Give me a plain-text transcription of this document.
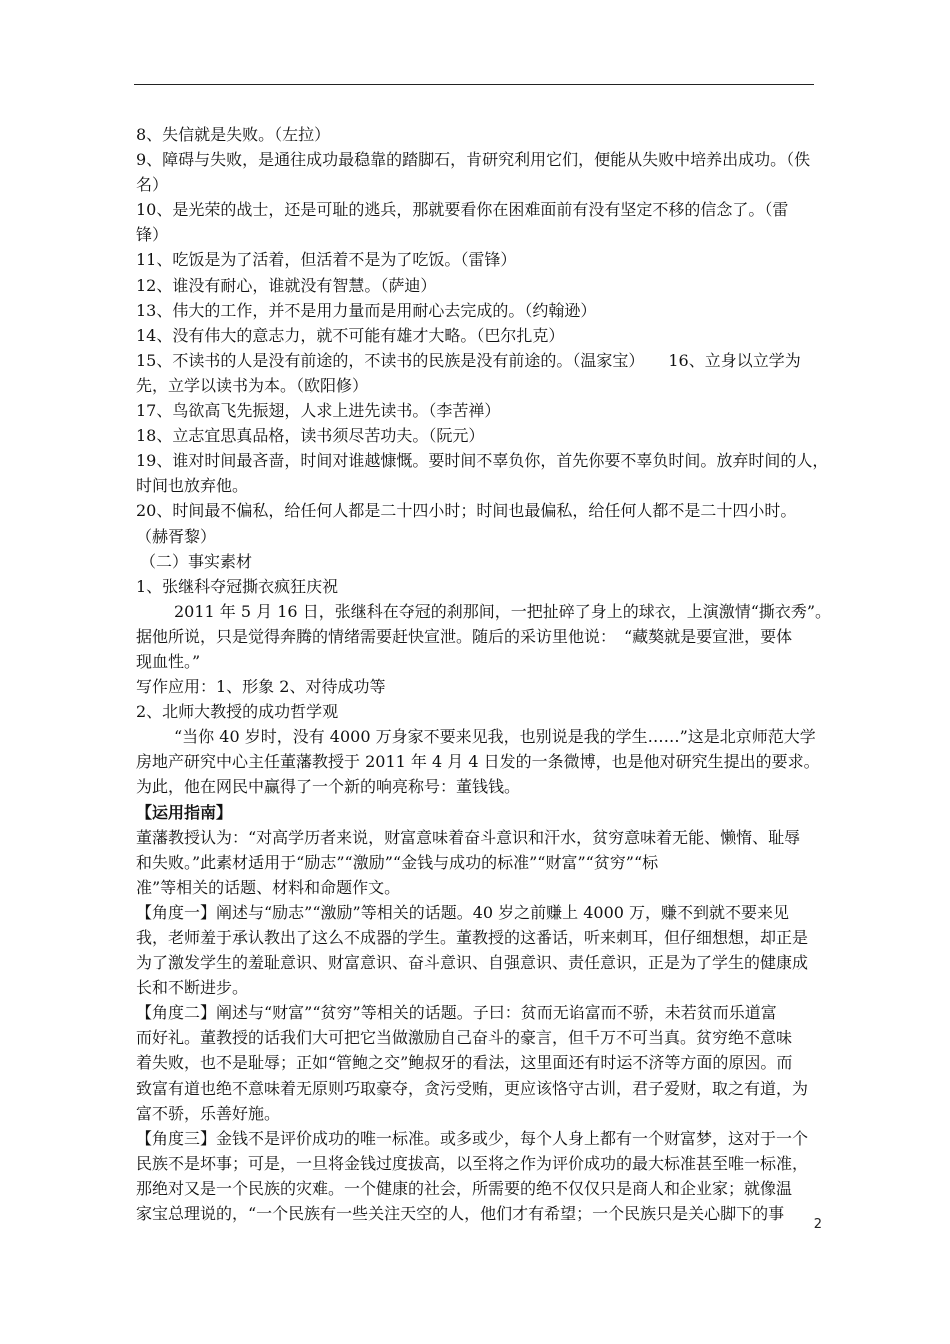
8、失信就是失败。（左拉）
9、障碍与失败，是通往成功最稳靠的踏脚石，肯研究利用它们，便能从失败中培养出成功。（佚
名）
10、是光荣的战士，还是可耻的逃兵，那就要看你在困难面前有没有坚定不移的信念了。（雷
锋）
11、吃饭是为了活着，但活着不是为了吃饭。（雷锋）
12、谁没有耐心，谁就没有智慧。（萨迪）
13、伟大的工作，并不是用力量而是用耐心去完成的。（约翰逊）
14、没有伟大的意志力，就不可能有雄才大略。（巴尔扎克）
15、不读书的人是没有前途的，不读书的民族是没有前途的。（温家宝）　　16、立身以立学为
先，立学以读书为本。（欧阳修）
17、鸟欲高飞先振翅，人求上进先读书。（李苦禅）
18、立志宜思真品格，读书须尽苦功夫。（阮元）
19、谁对时间最吝啬，时间对谁越慷慨。要时间不辜负你，首先你要不辜负时间。放弃时间的人，
时间也放弃他。
20、时间最不偏私，给任何人都是二十四小时；时间也最偏私，给任何人都不是二十四小时。
（赫胥黎）
（二）事实素材
1、张继科夺冠撕衣疯狂庆祝
2011 年 5 月 16 日，张继科在夺冠的刹那间，一把扯碎了身上的球衣，上演激情“撕衣秀”。
据他所说，只是觉得奔腾的情绪需要赶快宣泄。随后的采访里他说：　“藏獒就是要宣泄，要体
现血性。”
写作应用：1、形象 2、对待成功等
2、北师大教授的成功哲学观
“当你 40 岁时，没有 4000 万身家不要来见我，也别说是我的学生……”这是北京师范大学
房地产研究中心主任董藩教授于 2011 年 4 月 4 日发的一条微博，也是他对研究生提出的要求。
为此，他在网民中赢得了一个新的响亮称号：董钱钱。
【运用指南】
董藩教授认为：“对高学历者来说，财富意味着奋斗意识和汗水，贫穷意味着无能、懒惰、耻辱
和失败。”此素材适用于“励志”“激励”“金钱与成功的标准”“财富”“贫穷”“标
准”等相关的话题、材料和命题作文。
【角度一】阐述与“励志”“激励”等相关的话题。40 岁之前赚上 4000 万，赚不到就不要来见
我，老师羞于承认教出了这么不成器的学生。董教授的这番话，听来刺耳，但仔细想想，却正是
为了激发学生的羞耻意识、财富意识、奋斗意识、自强意识、责任意识，正是为了学生的健康成
长和不断进步。
【角度二】阐述与“财富”“贫穷”等相关的话题。子曰：贫而无谄富而不骄，未若贫而乐道富
而好礼。董教授的话我们大可把它当做激励自己奋斗的豪言，但千万不可当真。贫穷绝不意味
着失败，也不是耻辱；正如“管鲍之交”鲍叔牙的看法，这里面还有时运不济等方面的原因。而
致富有道也绝不意味着无原则巧取豪夺，贪污受贿，更应该恪守古训，君子爱财，取之有道，为
富不骄，乐善好施。
【角度三】金钱不是评价成功的唯一标准。或多或少，每个人身上都有一个财富梦，这对于一个
民族不是坏事；可是，一旦将金钱过度拔高，以至将之作为评价成功的最大标准甚至唯一标准，
那绝对又是一个民族的灾难。一个健康的社会，所需要的绝不仅仅只是商人和企业家；就像温
家宝总理说的，“一个民族有一些关注天空的人，他们才有希望；一个民族只是关心脚下的事
2
